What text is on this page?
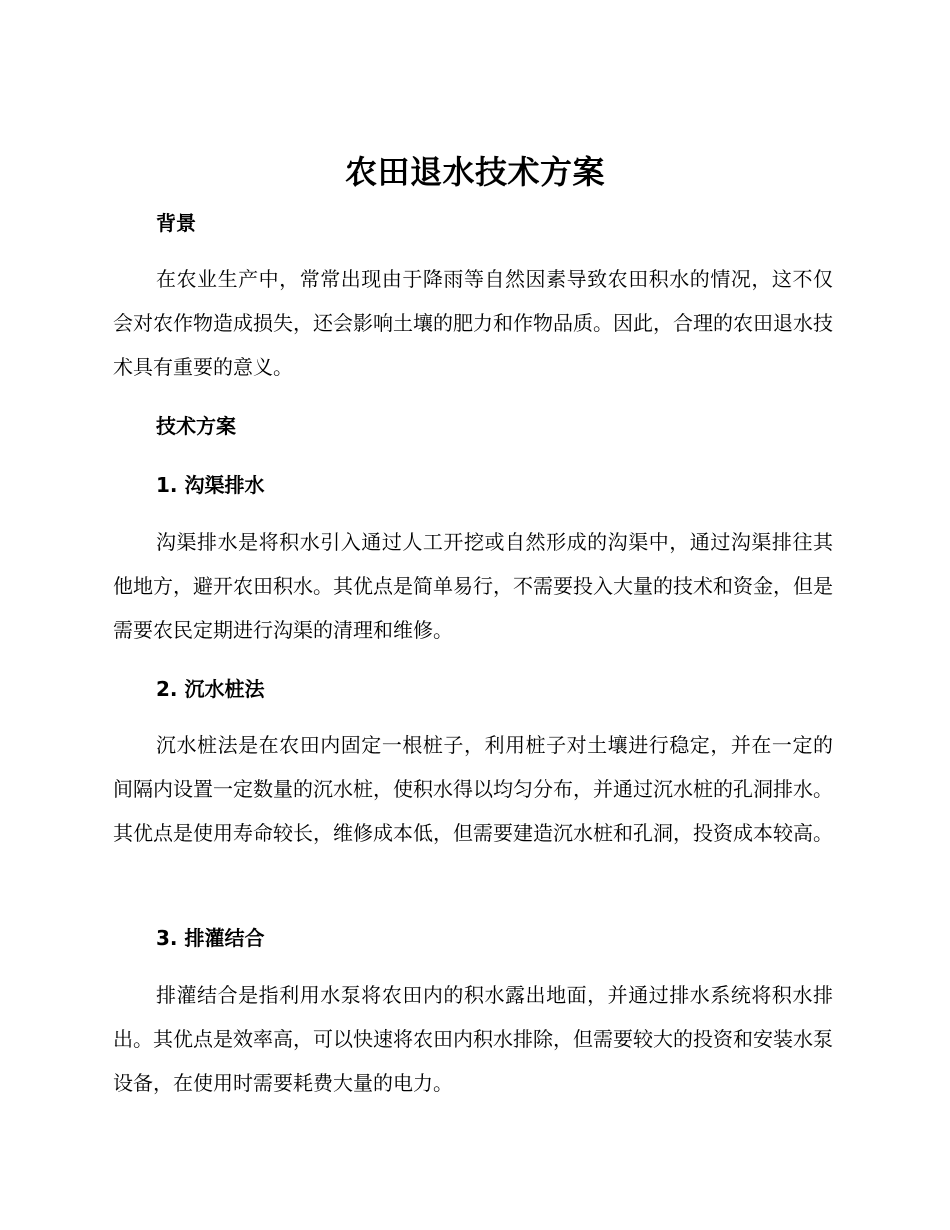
农田退水技术方案
背景

在农业生产中，常常出现由于降雨等自然因素导致农田积水的情况，这不仅会对农作物造成损失，还会影响土壤的肥力和作物品质。因此，合理的农田退水技术具有重要的意义。

技术方案
1. 沟渠排水

沟渠排水是将积水引入通过人工开挖或自然形成的沟渠中，通过沟渠排往其他地方，避开农田积水。其优点是简单易行，不需要投入大量的技术和资金，但是需要农民定期进行沟渠的清理和维修。

2. 沉水桩法

沉水桩法是在农田内固定一根桩子，利用桩子对土壤进行稳定，并在一定的间隔内设置一定数量的沉水桩，使积水得以均匀分布，并通过沉水桩的孔洞排水。其优点是使用寿命较长，维修成本低，但需要建造沉水桩和孔洞，投资成本较高。

3. 排灌结合

排灌结合是指利用水泵将农田内的积水露出地面，并通过排水系统将积水排出。其优点是效率高，可以快速将农田内积水排除，但需要较大的投资和安装水泵设备，在使用时需要耗费大量的电力。
